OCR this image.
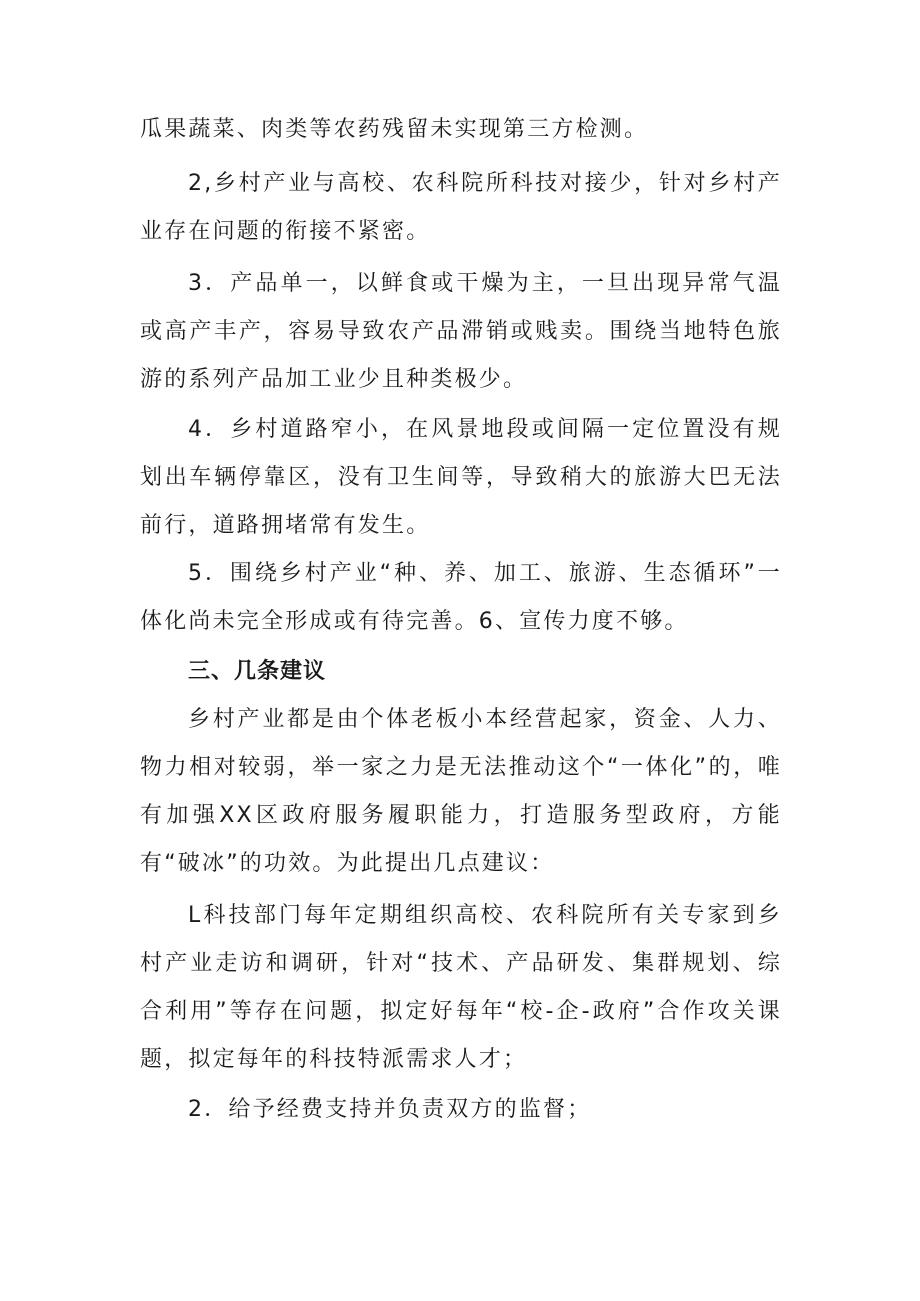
瓜果蔬菜、肉类等农药残留未实现第三方检测。
2,乡村产业与高校、农科院所科技对接少，针对乡村产业存在问题的衔接不紧密。
3．产品单一，以鲜食或干燥为主，一旦出现异常气温或高产丰产，容易导致农产品滞销或贱卖。围绕当地特色旅游的系列产品加工业少且种类极少。
4．乡村道路窄小，在风景地段或间隔一定位置没有规划出车辆停靠区，没有卫生间等，导致稍大的旅游大巴无法前行，道路拥堵常有发生。
5．围绕乡村产业“种、养、加工、旅游、生态循环”一体化尚未完全形成或有待完善。6、宣传力度不够。
三、几条建议
乡村产业都是由个体老板小本经营起家，资金、人力、物力相对较弱，举一家之力是无法推动这个“一体化”的，唯有加强XX区政府服务履职能力，打造服务型政府，方能有“破冰”的功效。为此提出几点建议：
L科技部门每年定期组织高校、农科院所有关专家到乡村产业走访和调研，针对“技术、产品研发、集群规划、综合利用”等存在问题，拟定好每年“校-企-政府”合作攻关课题，拟定每年的科技特派需求人才；
2．给予经费支持并负责双方的监督；
